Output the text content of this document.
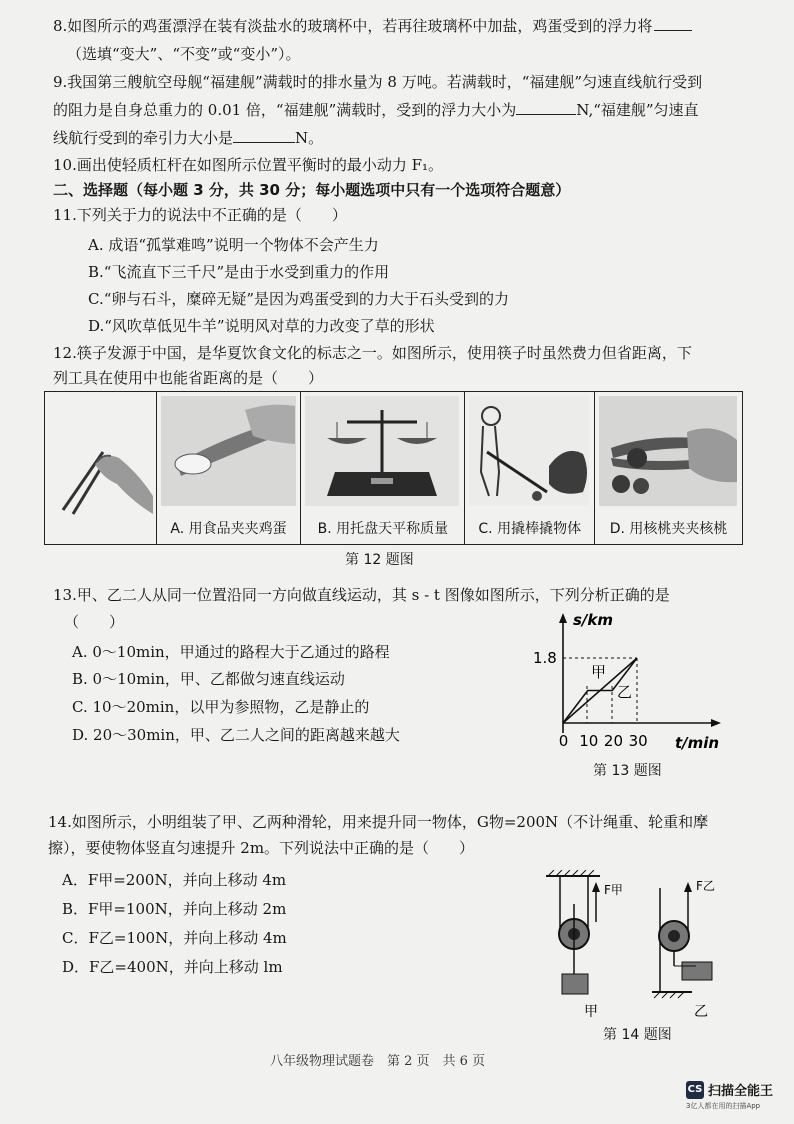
8.如图所示的鸡蛋漂浮在装有淡盐水的玻璃杯中，若再往玻璃杯中加盐，鸡蛋受到的浮力将
（选填“变大”、“不变”或“变小”）。
9.我国第三艘航空母舰“福建舰”满载时的排水量为 8 万吨。若满载时，“福建舰”匀速直线航行受到
的阻力是自身总重力的 0.01 倍，“福建舰”满载时，受到的浮力大小为	N,“福建舰”匀速直
线航行受到的牵引力大小是	N。
10.画出使轻质杠杆在如图所示位置平衡时的最小动力 F₁。
二、选择题（每小题 3 分，共 30 分；每小题选项中只有一个选项符合题意）
11.下列关于力的说法中不正确的是（　　）
A. 成语“孤掌难鸣”说明一个物体不会产生力
B.“飞流直下三千尺”是由于水受到重力的作用
C.“卵与石斗，糜碎无疑”是因为鸡蛋受到的力大于石头受到的力
D.“风吹草低见牛羊”说明风对草的力改变了草的形状
12.筷子发源于中国，是华夏饮食文化的标志之一。如图所示，使用筷子时虽然费力但省距离，下
列工具在使用中也能省距离的是（　　）

A. 用食品夹夹鸡蛋	B. 用托盘天平称质量	C. 用撬棒撬物体	D. 用核桃夹夹核桃
第 12 题图
13.甲、乙二人从同一位置沿同一方向做直线运动，其 s - t 图像如图所示，下列分析正确的是
（　　）
A. 0～10min，甲通过的路程大于乙通过的路程
B. 0～10min，甲、乙都做匀速直线运动
C. 10～20min，以甲为参照物，乙是静止的
D. 20～30min，甲、乙二人之间的距离越来越大
s/km
t/min
1.8
甲
乙
0 10 20 30
第 13 题图
14.如图所示，小明组装了甲、乙两种滑轮，用来提升同一物体，G物=200N（不计绳重、轮重和摩
擦），要使物体竖直匀速提升 2m。下列说法中正确的是（　　）
A．F甲=200N，并向上移动 4m
B．F甲=100N，并向上移动 2m
C．F乙=100N，并向上移动 4m
D．F乙=400N，并向上移动 lm
F甲
甲
F乙
乙
第 14 题图
八年级物理试题卷　第 2 页　共 6 页
CS 扫描全能王
3亿人都在用的扫描App
